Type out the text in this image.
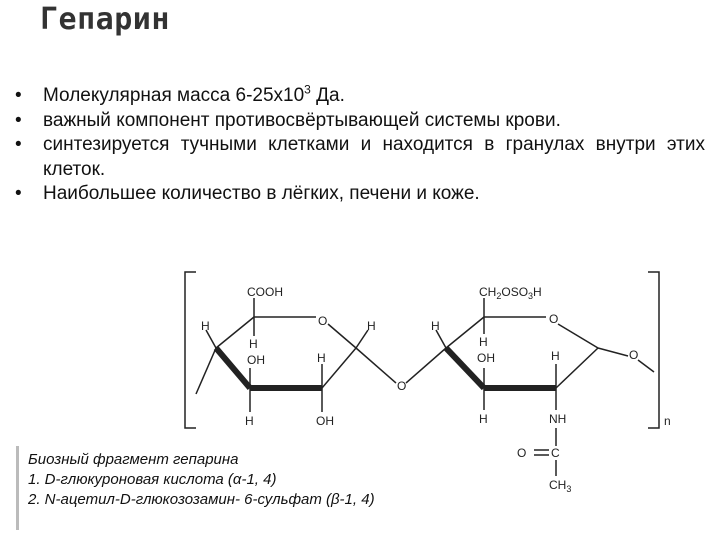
Гепарин
•	Молекулярная масса $6-25х10^3$ Да.
•	важный компонент противосвёртывающей системы крови.
•	синтезируется тучными клетками и находится в гранулах внутри этих клеток.
•	Наибольшее количество в лёгких, печени и коже.
COOH	$CH_2OSO_3H$
O	O
O
O
H
H
OH	H
H
H	OH
H
H
OH	H
H	NH
O C
$CH_3$
n
Биозный фрагмент гепарина
1. D-глюкуроновая кислота (α-1, 4)
2. N-ацетил-D-глюкозозамин- 6-сульфат (β-1, 4)
